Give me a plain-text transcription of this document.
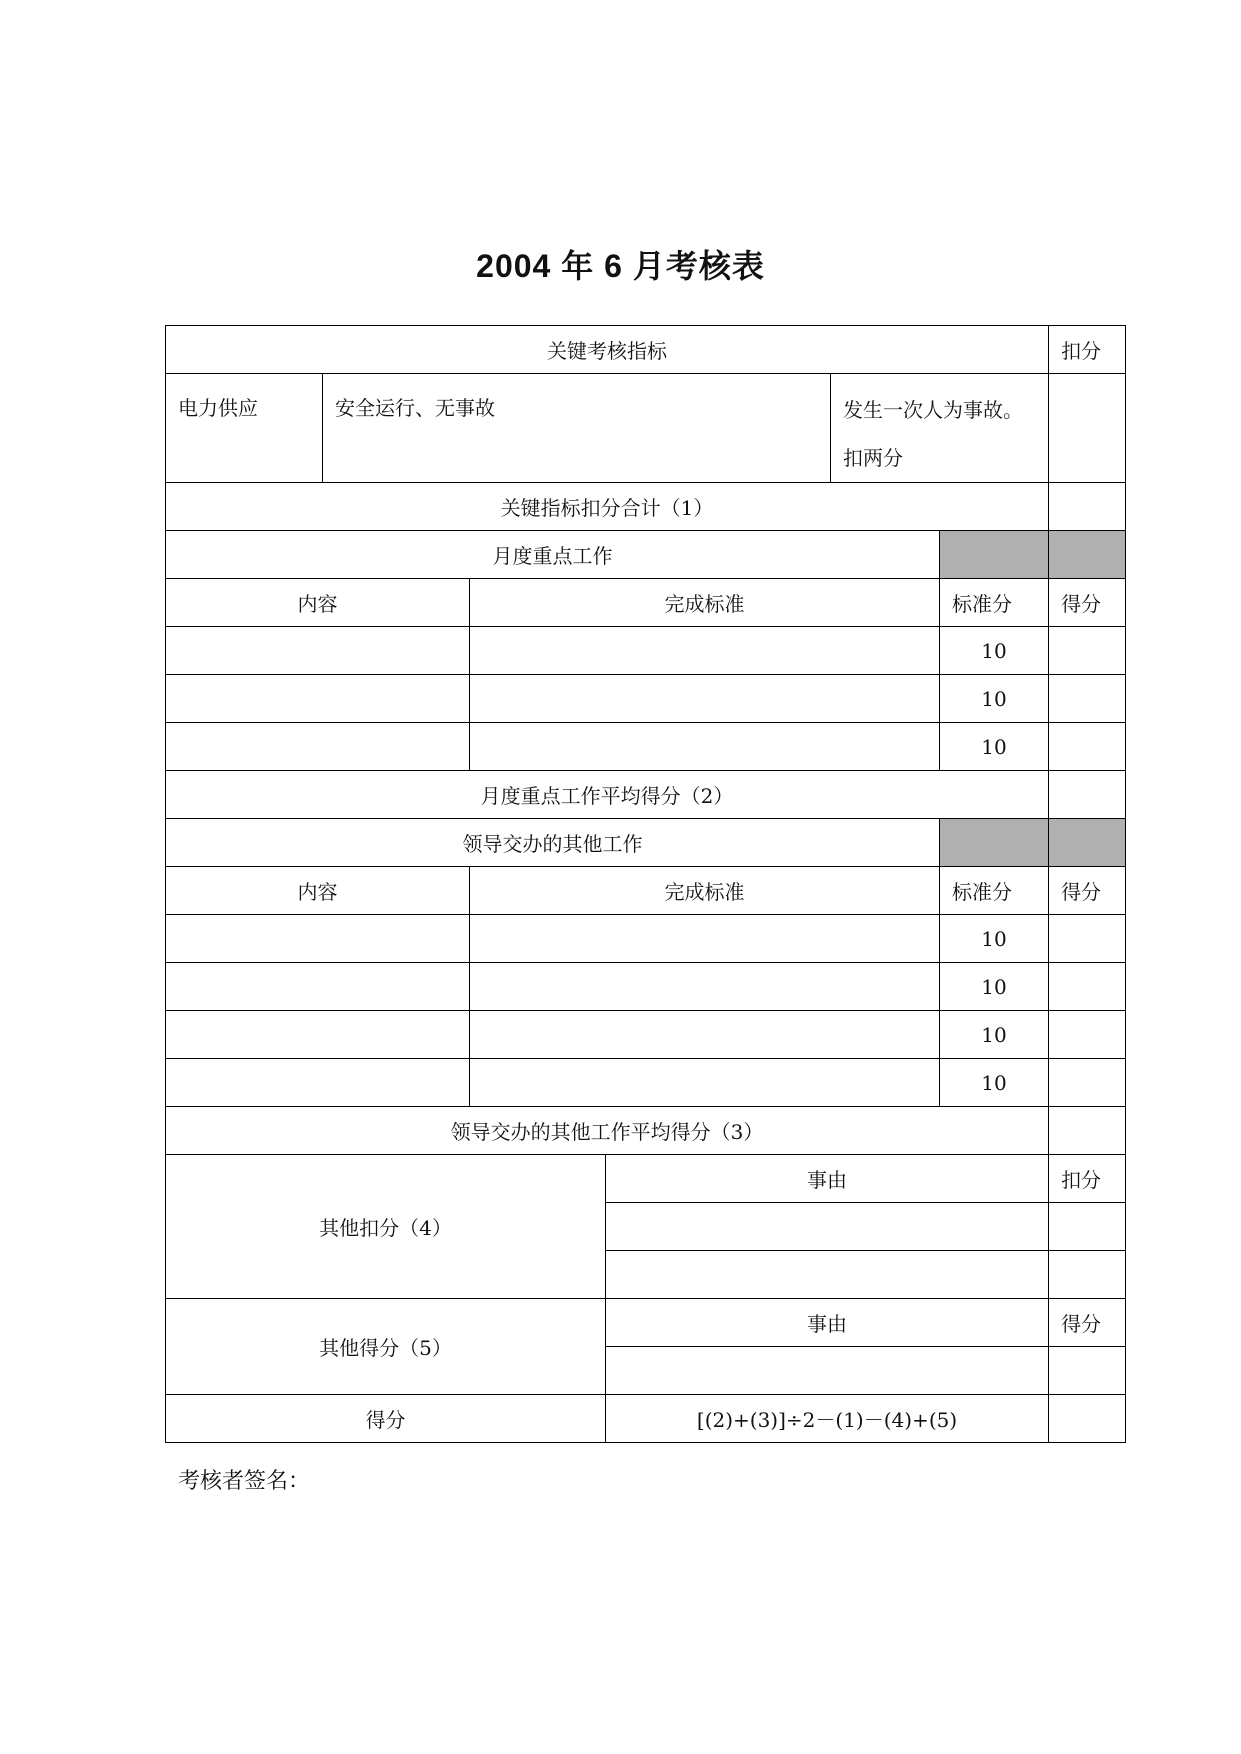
2004 年 6 月考核表
关键考核指标						扣分
电力供应	安全运行、无事故			发生一次人为事故。
扣两分		
关键指标扣分合计（1）						
月度重点工作						
内容		完成标准			标准分	得分
					10	
					10	
					10	
月度重点工作平均得分（2）						
领导交办的其他工作						
内容		完成标准			标准分	得分
					10	
					10	
					10	
					10	
领导交办的其他工作平均得分（3）						
其他扣分（4）			事由			扣分

其他得分（5）			事由			得分

得分			[(2)+(3)]÷2－(1)－(4)+(5)			
考核者签名：
